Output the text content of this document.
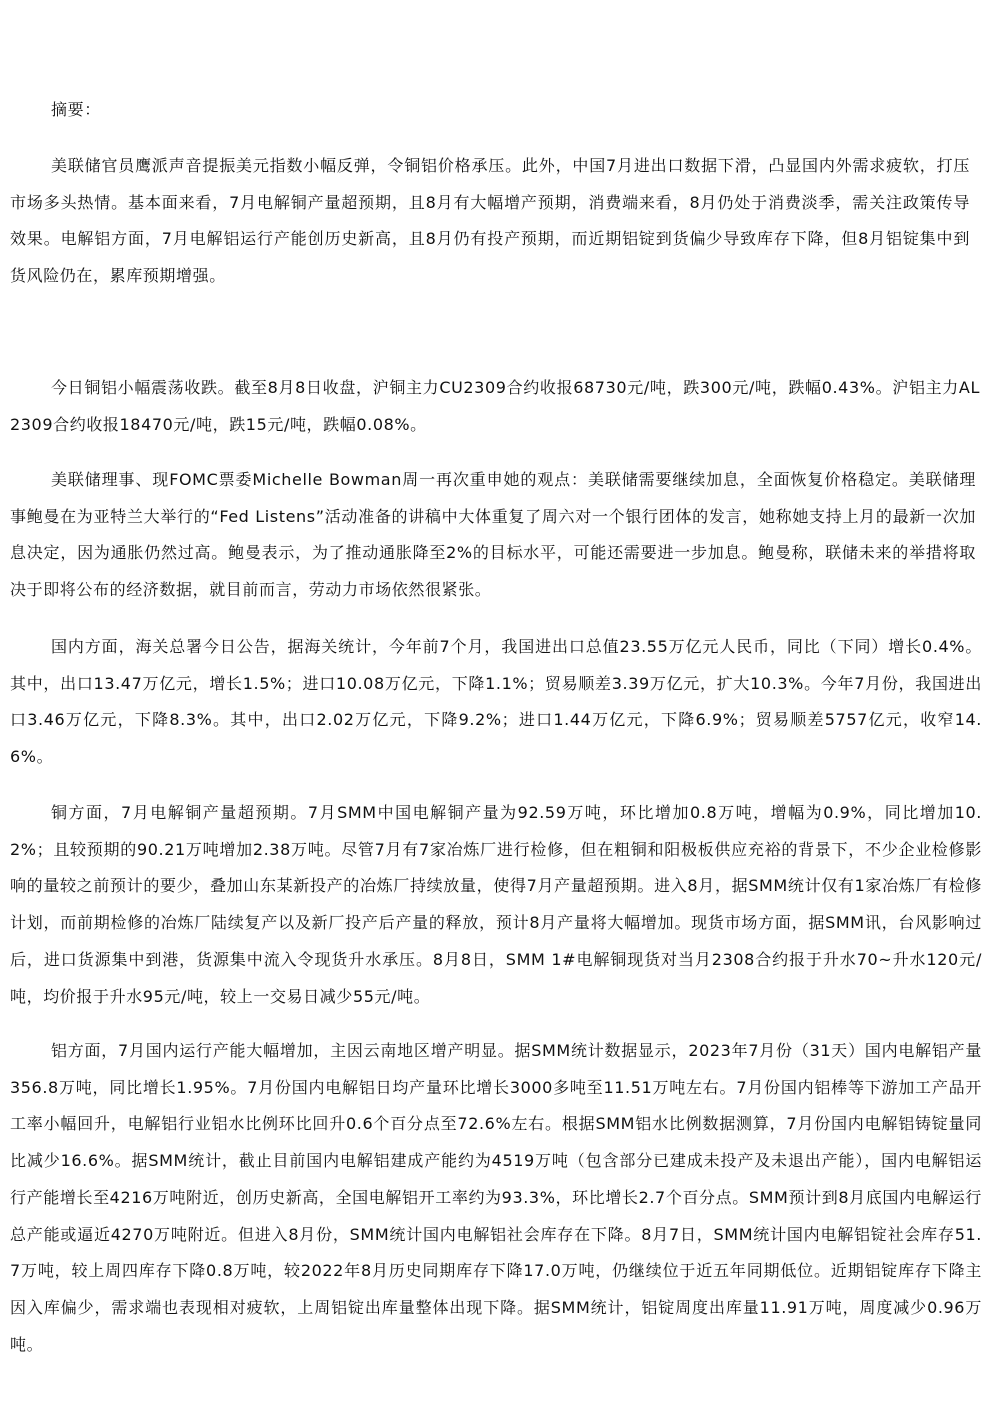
摘要：

美联储官员鹰派声音提振美元指数小幅反弹，令铜铝价格承压。此外，中国7月进出口数据下滑，凸显国内外需求疲软，打压市场多头热情。基本面来看，7月电解铜产量超预期，且8月有大幅增产预期，消费端来看，8月仍处于消费淡季，需关注政策传导效果。电解铝方面，7月电解铝运行产能创历史新高，且8月仍有投产预期，而近期铝锭到货偏少导致库存下降，但8月铝锭集中到货风险仍在，累库预期增强。

今日铜铝小幅震荡收跌。截至8月8日收盘，沪铜主力CU2309合约收报68730元/吨，跌300元/吨，跌幅0.43%。沪铝主力AL2309合约收报18470元/吨，跌15元/吨，跌幅0.08%。

美联储理事、现FOMC票委Michelle Bowman周一再次重申她的观点：美联储需要继续加息，全面恢复价格稳定。美联储理事鲍曼在为亚特兰大举行的“Fed Listens”活动准备的讲稿中大体重复了周六对一个银行团体的发言，她称她支持上月的最新一次加息决定，因为通胀仍然过高。鲍曼表示，为了推动通胀降至2%的目标水平，可能还需要进一步加息。鲍曼称，联储未来的举措将取决于即将公布的经济数据，就目前而言，劳动力市场依然很紧张。

国内方面，海关总署今日公告，据海关统计，今年前7个月，我国进出口总值23.55万亿元人民币，同比（下同）增长0.4%。其中，出口13.47万亿元，增长1.5%；进口10.08万亿元，下降1.1%；贸易顺差3.39万亿元，扩大10.3%。今年7月份，我国进出口3.46万亿元，下降8.3%。其中，出口2.02万亿元，下降9.2%；进口1.44万亿元，下降6.9%；贸易顺差5757亿元，收窄14.6%。

铜方面，7月电解铜产量超预期。7月SMM中国电解铜产量为92.59万吨，环比增加0.8万吨，增幅为0.9%，同比增加10.2%；且较预期的90.21万吨增加2.38万吨。尽管7月有7家冶炼厂进行检修，但在粗铜和阳极板供应充裕的背景下，不少企业检修影响的量较之前预计的要少，叠加山东某新投产的冶炼厂持续放量，使得7月产量超预期。进入8月，据SMM统计仅有1家冶炼厂有检修计划，而前期检修的冶炼厂陆续复产以及新厂投产后产量的释放，预计8月产量将大幅增加。现货市场方面，据SMM讯，台风影响过后，进口货源集中到港，货源集中流入令现货升水承压。8月8日，SMM 1#电解铜现货对当月2308合约报于升水70~升水120元/吨，均价报于升水95元/吨，较上一交易日减少55元/吨。

铝方面，7月国内运行产能大幅增加，主因云南地区增产明显。据SMM统计数据显示，2023年7月份（31天）国内电解铝产量356.8万吨，同比增长1.95%。7月份国内电解铝日均产量环比增长3000多吨至11.51万吨左右。7月份国内铝棒等下游加工产品开工率小幅回升，电解铝行业铝水比例环比回升0.6个百分点至72.6%左右。根据SMM铝水比例数据测算，7月份国内电解铝铸锭量同比减少16.6%。据SMM统计，截止目前国内电解铝建成产能约为4519万吨（包含部分已建成未投产及未退出产能），国内电解铝运行产能增长至4216万吨附近，创历史新高，全国电解铝开工率约为93.3%，环比增长2.7个百分点。SMM预计到8月底国内电解运行总产能或逼近4270万吨附近。但进入8月份，SMM统计国内电解铝社会库存在下降。8月7日，SMM统计国内电解铝锭社会库存51.7万吨，较上周四库存下降0.8万吨，较2022年8月历史同期库存下降17.0万吨，仍继续位于近五年同期低位。近期铝锭库存下降主因入库偏少，需求端也表现相对疲软，上周铝锭出库量整体出现下降。据SMM统计，铝锭周度出库量11.91万吨，周度减少0.96万吨。
